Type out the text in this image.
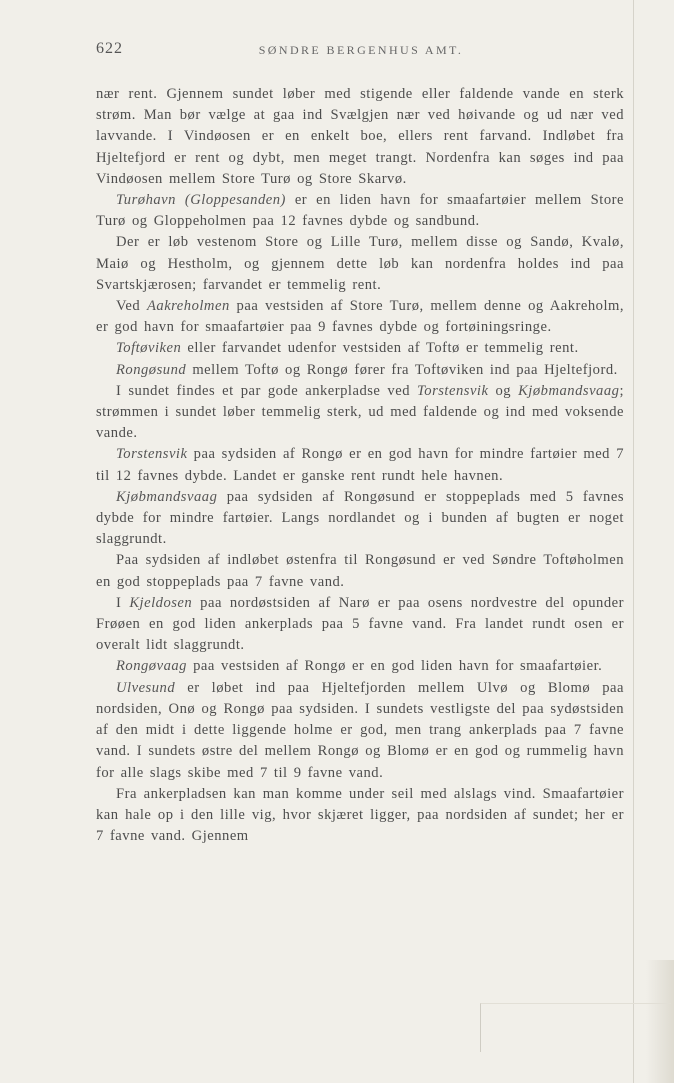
622	SØNDRE BERGENHUS AMT.

nær rent. Gjennem sundet løber med stigende eller faldende vande en sterk strøm. Man bør vælge at gaa ind Svælgjen nær ved høivande og ud nær ved lavvande. I Vindøosen er en enkelt boe, ellers rent farvand. Indløbet fra Hjeltefjord er rent og dybt, men meget trangt. Nordenfra kan søges ind paa Vindøosen mellem Store Turø og Store Skarvø.

Turøhavn (Gloppesanden) er en liden havn for smaafartøier mellem Store Turø og Gloppeholmen paa 12 favnes dybde og sandbund.

Der er løb vestenom Store og Lille Turø, mellem disse og Sandø, Kvalø, Maiø og Hestholm, og gjennem dette løb kan nordenfra holdes ind paa Svartskjærosen; farvandet er temmelig rent.

Ved Aakreholmen paa vestsiden af Store Turø, mellem denne og Aakreholm, er god havn for smaafartøier paa 9 favnes dybde og fortøiningsringe.

Toftøviken eller farvandet udenfor vestsiden af Toftø er temmelig rent.

Rongøsund mellem Toftø og Rongø fører fra Toftøviken ind paa Hjeltefjord.

I sundet findes et par gode ankerpladse ved Torstensvik og Kjøbmandsvaag; strømmen i sundet løber temmelig sterk, ud med faldende og ind med voksende vande.

Torstensvik paa sydsiden af Rongø er en god havn for mindre fartøier med 7 til 12 favnes dybde. Landet er ganske rent rundt hele havnen.

Kjøbmandsvaag paa sydsiden af Rongøsund er stoppeplads med 5 favnes dybde for mindre fartøier. Langs nordlandet og i bunden af bugten er noget slaggrundt.

Paa sydsiden af indløbet østenfra til Rongøsund er ved Søndre Toftøholmen en god stoppeplads paa 7 favne vand.

I Kjeldosen paa nordøstsiden af Narø er paa osens nordvestre del opunder Frøøen en god liden ankerplads paa 5 favne vand. Fra landet rundt osen er overalt lidt slaggrundt.

Rongøvaag paa vestsiden af Rongø er en god liden havn for smaafartøier.

Ulvesund er løbet ind paa Hjeltefjorden mellem Ulvø og Blomø paa nordsiden, Onø og Rongø paa sydsiden. I sundets vestligste del paa sydøstsiden af den midt i dette liggende holme er god, men trang ankerplads paa 7 favne vand. I sundets østre del mellem Rongø og Blomø er en god og rummelig havn for alle slags skibe med 7 til 9 favne vand.

Fra ankerpladsen kan man komme under seil med alslags vind. Smaafartøier kan hale op i den lille vig, hvor skjæret ligger, paa nordsiden af sundet; her er 7 favne vand. Gjennem
